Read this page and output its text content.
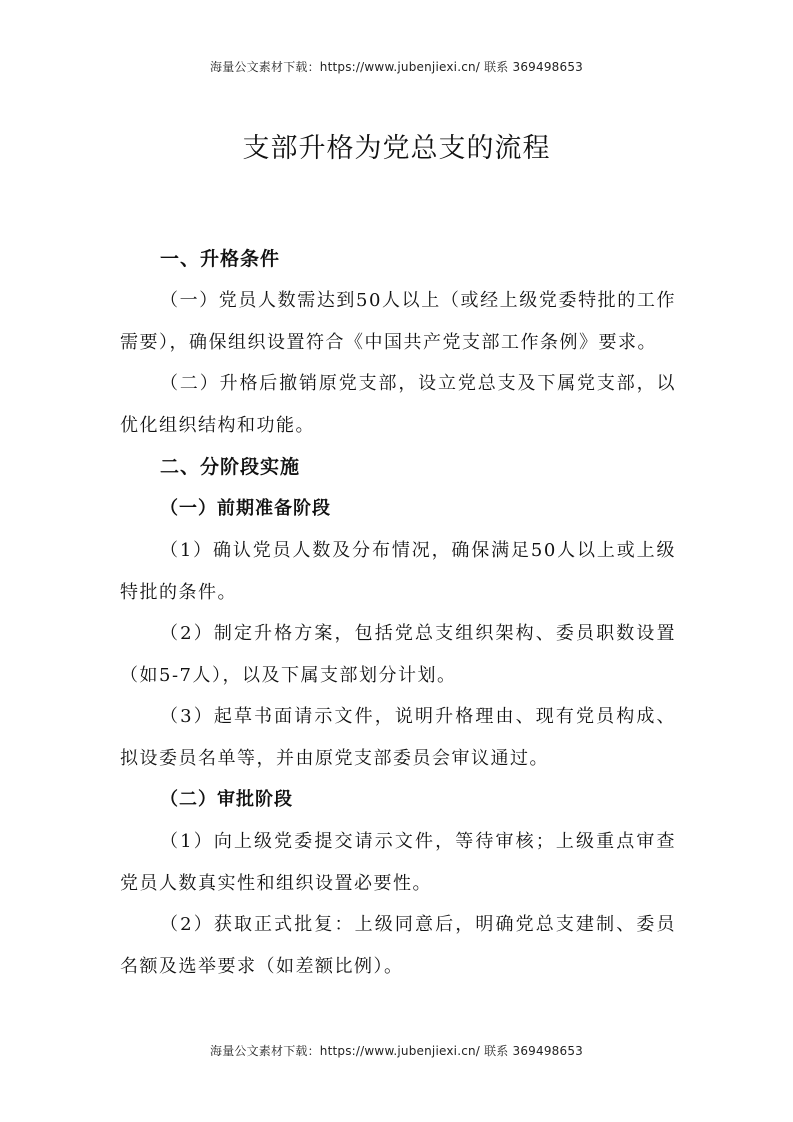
海量公文素材下载：https://www.jubenjiexi.cn/ 联系 369498653
支部升格为党总支的流程
一、升格条件

（一）党员人数需达到50人以上（或经上级党委特批的工作需要），确保组织设置符合《中国共产党支部工作条例》要求。

（二）升格后撤销原党支部，设立党总支及下属党支部，以优化组织结构和功能。

二、分阶段实施
（一）前期准备阶段

（1）确认党员人数及分布情况，确保满足50人以上或上级特批的条件。

（2）制定升格方案，包括党总支组织架构、委员职数设置（如5-7人），以及下属支部划分计划。

（3）起草书面请示文件，说明升格理由、现有党员构成、拟设委员名单等，并由原党支部委员会审议通过。

（二）审批阶段

（1）向上级党委提交请示文件，等待审核；上级重点审查党员人数真实性和组织设置必要性。

（2）获取正式批复：上级同意后，明确党总支建制、委员名额及选举要求（如差额比例）。

海量公文素材下载：https://www.jubenjiexi.cn/ 联系 369498653
